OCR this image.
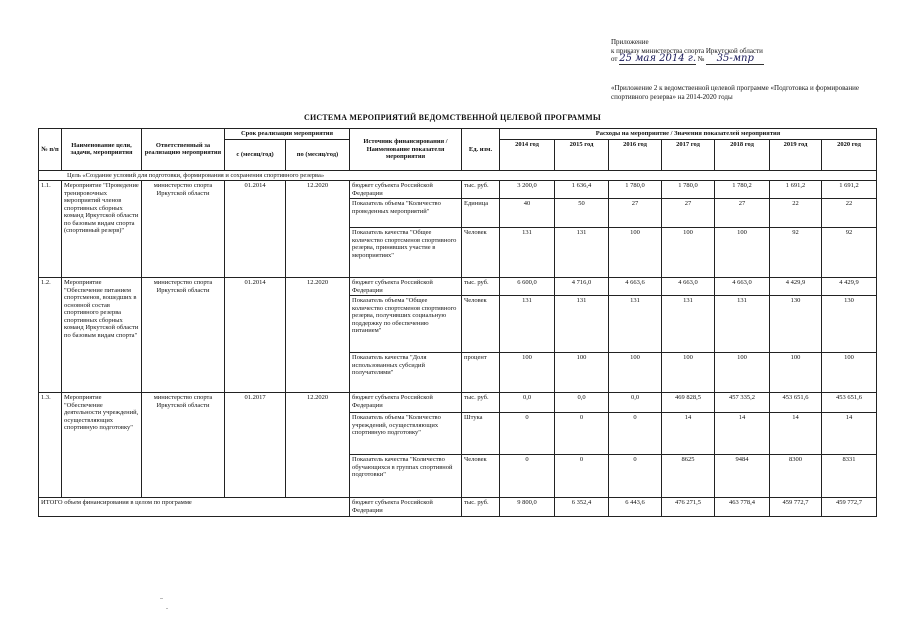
Приложение
к приказу министерства спорта Иркутской области
от 25 мая 2014 г. № 35-мпр
«Приложение 2 к ведомственной целевой программе «Подготовка и формирование спортивного резерва» на 2014-2020 годы
СИСТЕМА МЕРОПРИЯТИЙ ВЕДОМСТВЕННОЙ ЦЕЛЕВОЙ ПРОГРАММЫ
№ п/п	Наименование цели, задачи, мероприятия	Ответственный за реализацию мероприятия	Срок реализации мероприятия		Источник финансирования / Наименование показателя мероприятия	Ед. изм.	Расходы на мероприятие / Значения показателей мероприятия						
			с (месяц/год)	по (месяц/год)			2014 год	2015 год	2016 год	2017 год	2018 год	2019 год	2020 год
Цель «Создание условий для подготовки, формирования и сохранения спортивного резерва»													
1.1.	Мероприятие "Проведение тренировочных мероприятий членов спортивных сборных команд Иркутской области по базовым видам спорта (спортивный резерв)"	министерство спорта Иркутской области	01.2014	12.2020	бюджет субъекта Российской Федерации	тыс. руб.	3 200,0	1 636,4	1 780,0	1 780,0	1 780,2	1 691,2	1 691,2
					Показатель объема "Количество проведенных мероприятий"	Единица	40	50	27	27	27	22	22
					Показатель качества "Общее количество спортсменов спортивного резерва, принявших участие в мероприятиях"	Человек	131	131	100	100	100	92	92
1.2.	Мероприятие "Обеспечение питанием спортсменов, вошедших в основной состав спортивного резерва спортивных сборных команд Иркутской области по базовым видам спорта"	министерство спорта Иркутской области	01.2014	12.2020	бюджет субъекта Российской Федерации	тыс. руб.	6 600,0	4 716,0	4 663,6	4 663,0	4 663,0	4 429,9	4 429,9
					Показатель объема "Общее количество спортсменов спортивного резерва, получивших социальную поддержку по обеспечению питанием"	Человек	131	131	131	131	131	130	130
					Показатель качества "Доля использованных субсидий получателями"	процент	100	100	100	100	100	100	100
1.3.	Мероприятие "Обеспечение деятельности учреждений, осуществляющих спортивную подготовку"	министерство спорта Иркутской области	01.2017	12.2020	бюджет субъекта Российской Федерации	тыс. руб.	0,0	0,0	0,0	469 828,5	457 335,2	453 651,6	453 651,6
					Показатель объема "Количество учреждений, осуществляющих спортивную подготовку"	Штука	0	0	0	14	14	14	14
					Показатель качества "Количество обучающихся в группах спортивной подготовки"	Человек	0	0	0	8625	9484	8300	8331
ИТОГО объем финансирования в целом по программе					бюджет субъекта Российской Федерации	тыс. руб.	9 800,0	6 352,4	6 443,6	476 271,5	463 778,4	459 772,7	459 772,7
